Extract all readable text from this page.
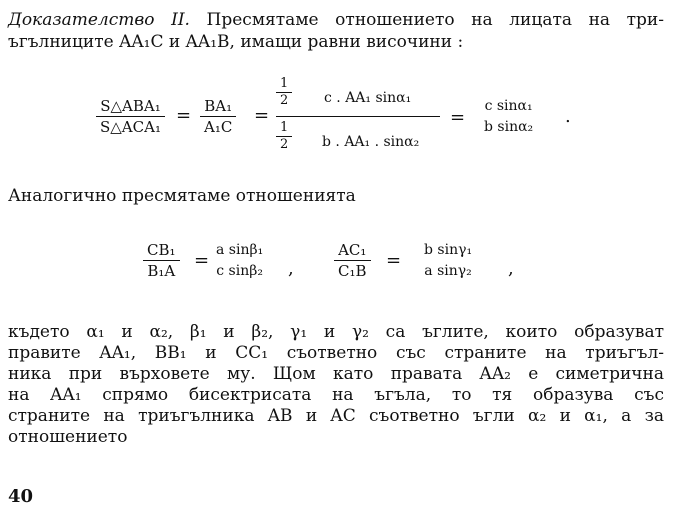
Доказателство II. Пресмятаме отношението на лицата на три-
ъгълниците AA₁C и AA₁B, имащи равни височини :
S△ABA₁
S△ACA₁
= BA₁
A₁C
=
1
2	c . AA₁ sinα₁
1
2 b . AA₁ . sinα₂
=
c sinα₁
b sinα₂
.
Аналогично пресмятаме отношенията
CB₁
B₁A
= a sinβ₁
c sinβ₂ ,
AC₁
C₁B
= b sinγ₁
a sinγ₂ ,
където α₁ и α₂, β₁ и β₂, γ₁ и γ₂ са ъглите, които образуват
правите AA₁, BB₁ и CC₁ съответно със страните на триъгъл-
ника при върховете му. Щом като правата AA₂ е симетрична
на AA₁ спрямо бисектрисата на ъгъла, то тя образува със
страните на триъгълника AB и AC съответно ъгли α₂ и α₁, а за
отношението
40
